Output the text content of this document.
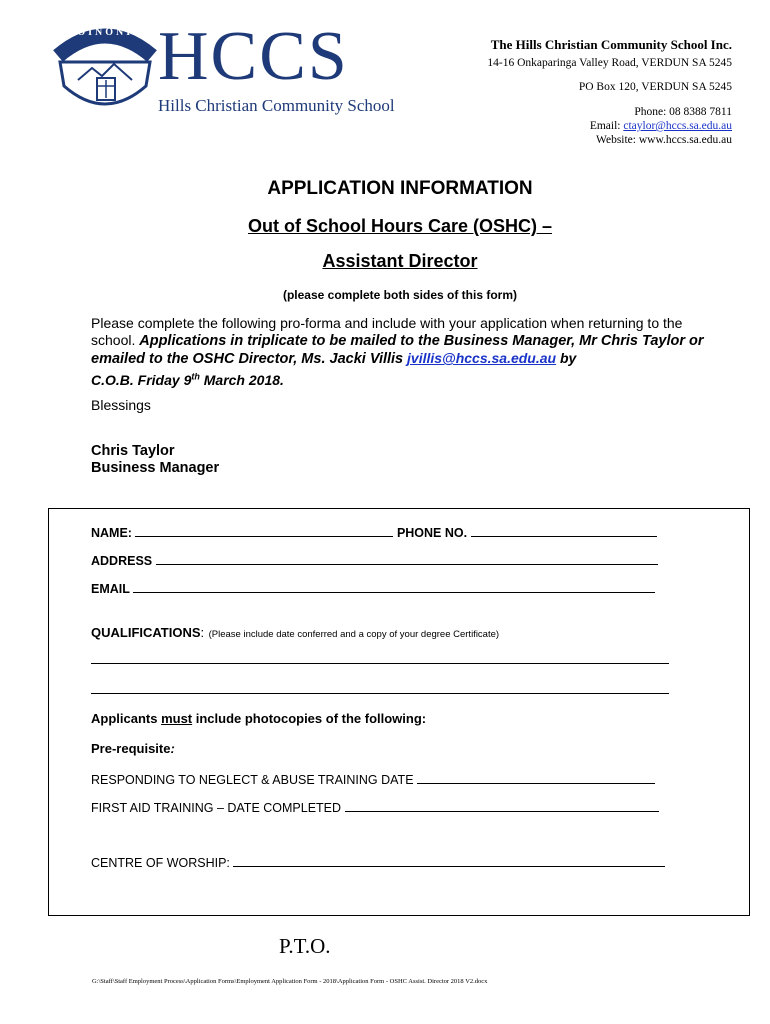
KOINONIA HCCS
Hills Christian Community School
The Hills Christian Community School Inc.
14-16 Onkaparinga Valley Road, VERDUN SA 5245
PO Box 120, VERDUN SA 5245
Phone: 08 8388 7811
Email: ctaylor@hccs.sa.edu.au
Website: www.hccs.sa.edu.au
APPLICATION INFORMATION
Out of School Hours Care (OSHC) –
Assistant Director
(please complete both sides of this form)
Please complete the following pro-forma and include with your application when returning to the school. Applications in triplicate to be mailed to the Business Manager, Mr Chris Taylor or emailed to the OSHC Director, Ms. Jacki Villis jvillis@hccs.sa.edu.au by
C.O.B. Friday 9th March 2018.
Blessings
Chris Taylor
Business Manager
NAME:	PHONE NO.
ADDRESS
EMAIL
QUALIFICATIONS: (Please include date conferred and a copy of your degree Certificate)
Applicants must include photocopies of the following:
Pre-requisite:
RESPONDING TO NEGLECT & ABUSE TRAINING DATE
FIRST AID TRAINING – DATE COMPLETED
CENTRE OF WORSHIP:
P.T.O.
G:\Staff\Staff Employment Process\Application Forms\Employment Application Form - 2018\Application Form - OSHC Assist. Director 2018 V2.docx
